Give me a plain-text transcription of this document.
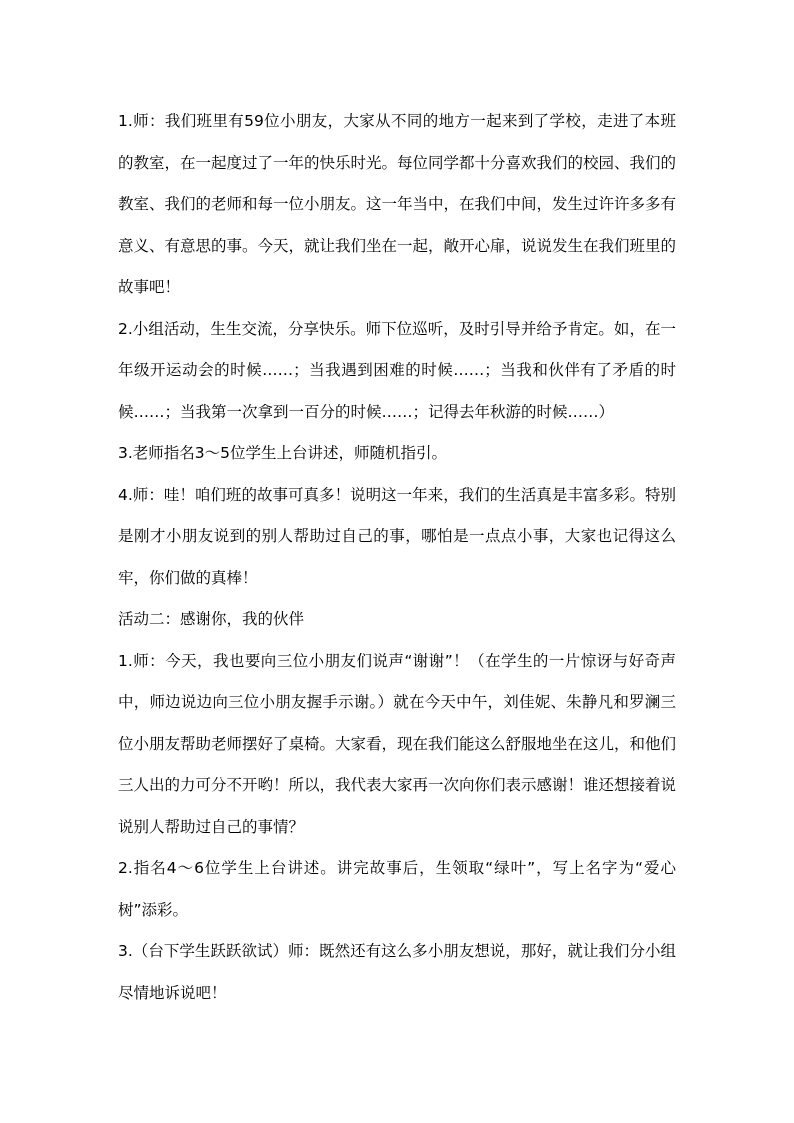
1.师：我们班里有59位小朋友，大家从不同的地方一起来到了学校，走进了本班的教室，在一起度过了一年的快乐时光。每位同学都十分喜欢我们的校园、我们的教室、我们的老师和每一位小朋友。这一年当中，在我们中间，发生过许许多多有意义、有意思的事。今天，就让我们坐在一起，敞开心扉，说说发生在我们班里的故事吧！

2.小组活动，生生交流，分享快乐。师下位巡听，及时引导并给予肯定。如，在一年级开运动会的时候……；当我遇到困难的时候……；当我和伙伴有了矛盾的时候……；当我第一次拿到一百分的时候……；记得去年秋游的时候……）

3.老师指名3～5位学生上台讲述，师随机指引。

4.师：哇！咱们班的故事可真多！说明这一年来，我们的生活真是丰富多彩。特别是刚才小朋友说到的别人帮助过自己的事，哪怕是一点点小事，大家也记得这么牢，你们做的真棒！

活动二：感谢你，我的伙伴

1.师：今天，我也要向三位小朋友们说声“谢谢”！（在学生的一片惊讶与好奇声中，师边说边向三位小朋友握手示谢。）就在今天中午，刘佳妮、朱静凡和罗澜三位小朋友帮助老师摆好了桌椅。大家看，现在我们能这么舒服地坐在这儿，和他们三人出的力可分不开哟！所以，我代表大家再一次向你们表示感谢！谁还想接着说说别人帮助过自己的事情？

2.指名4～6位学生上台讲述。讲完故事后，生领取“绿叶”，写上名字为“爱心树”添彩。

3.（台下学生跃跃欲试）师：既然还有这么多小朋友想说，那好，就让我们分小组尽情地诉说吧！
